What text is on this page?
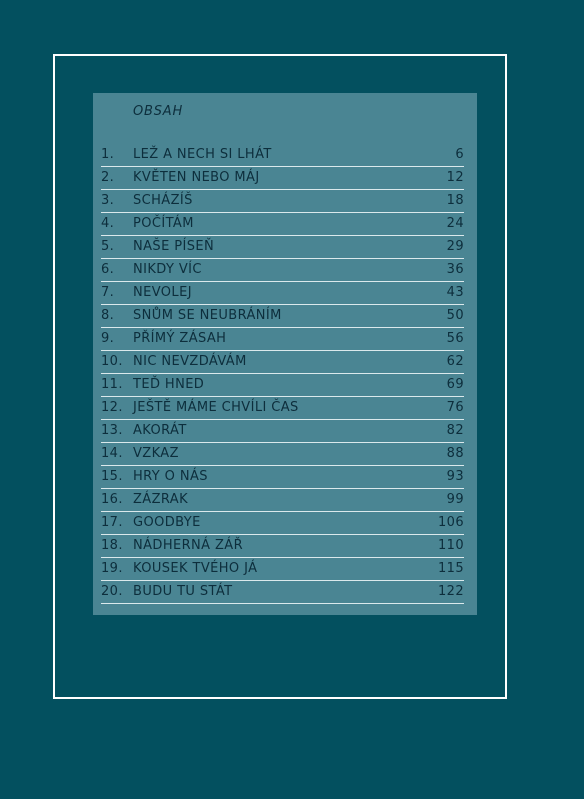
OBSAH
1. LEŽ A NECH SI LHÁT	6
2. KVĚTEN NEBO MÁJ	12
3. SCHÁZÍŠ	18
4. POČÍTÁM	24
5. NAŠE PÍSEŇ	29
6. NIKDY VÍC	36
7. NEVOLEJ	43
8. SNŮM SE NEUBRÁNÍM	50
9. PŘÍMÝ ZÁSAH	56
10. NIC NEVZDÁVÁM	62
11. TEĎ HNED	69
12. JEŠTĚ MÁME CHVÍLI ČAS	76
13. AKORÁT	82
14. VZKAZ	88
15. HRY O NÁS	93
16. ZÁZRAK	99
17. GOODBYE	106
18. NÁDHERNÁ ZÁŘ	110
19. KOUSEK TVÉHO JÁ	115
20. BUDU TU STÁT	122
